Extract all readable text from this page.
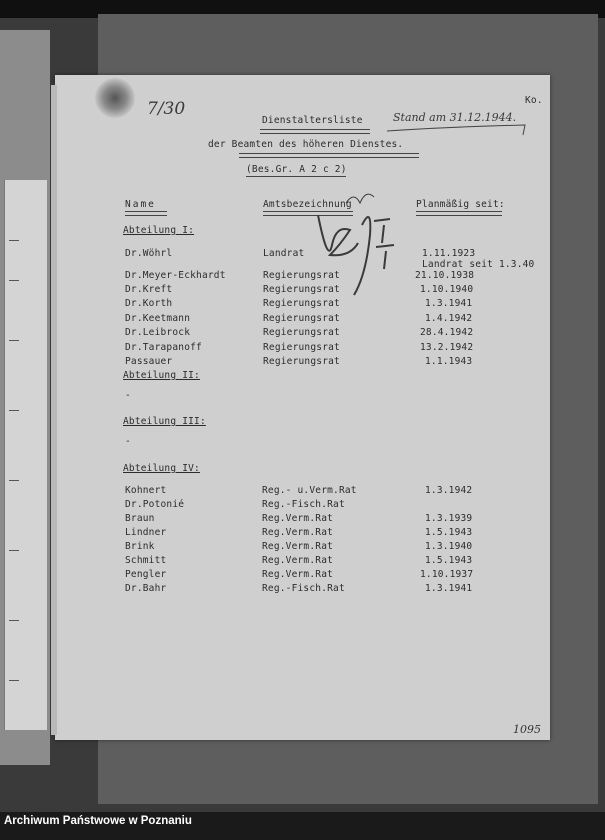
7/30	Ko.
Stand am 31.12.1944.
Dienstaltersliste
der Beamten des höheren Dienstes.
(Bes.Gr. A 2 c 2)
Name	Amtsbezeichnung	Planmäßig seit:
Abteilung I:
Dr.Wöhrl	Landrat	1.11.1923
Landrat seit 1.3.40
Dr.Meyer-Eckhardt	Regierungsrat	21.10.1938
Dr.Kreft	Regierungsrat	1.10.1940
Dr.Korth	Regierungsrat	1.3.1941
Dr.Keetmann	Regierungsrat	1.4.1942
Dr.Leibrock	Regierungsrat	28.4.1942
Dr.Tarapanoff	Regierungsrat	13.2.1942
Passauer	Regierungsrat	1.1.1943
Abteilung II:
-
Abteilung III:
-
Abteilung IV:
Kohnert	Reg.- u.Verm.Rat	1.3.1942
Dr.Potonié	Reg.-Fisch.Rat
Braun	Reg.Verm.Rat	1.3.1939
Lindner	Reg.Verm.Rat	1.5.1943
Brink	Reg.Verm.Rat	1.3.1940
Schmitt	Reg.Verm.Rat	1.5.1943
Pengler	Reg.Verm.Rat	1.10.1937
Dr.Bahr	Reg.-Fisch.Rat	1.3.1941
1095
Archiwum Państwowe w Poznaniu
